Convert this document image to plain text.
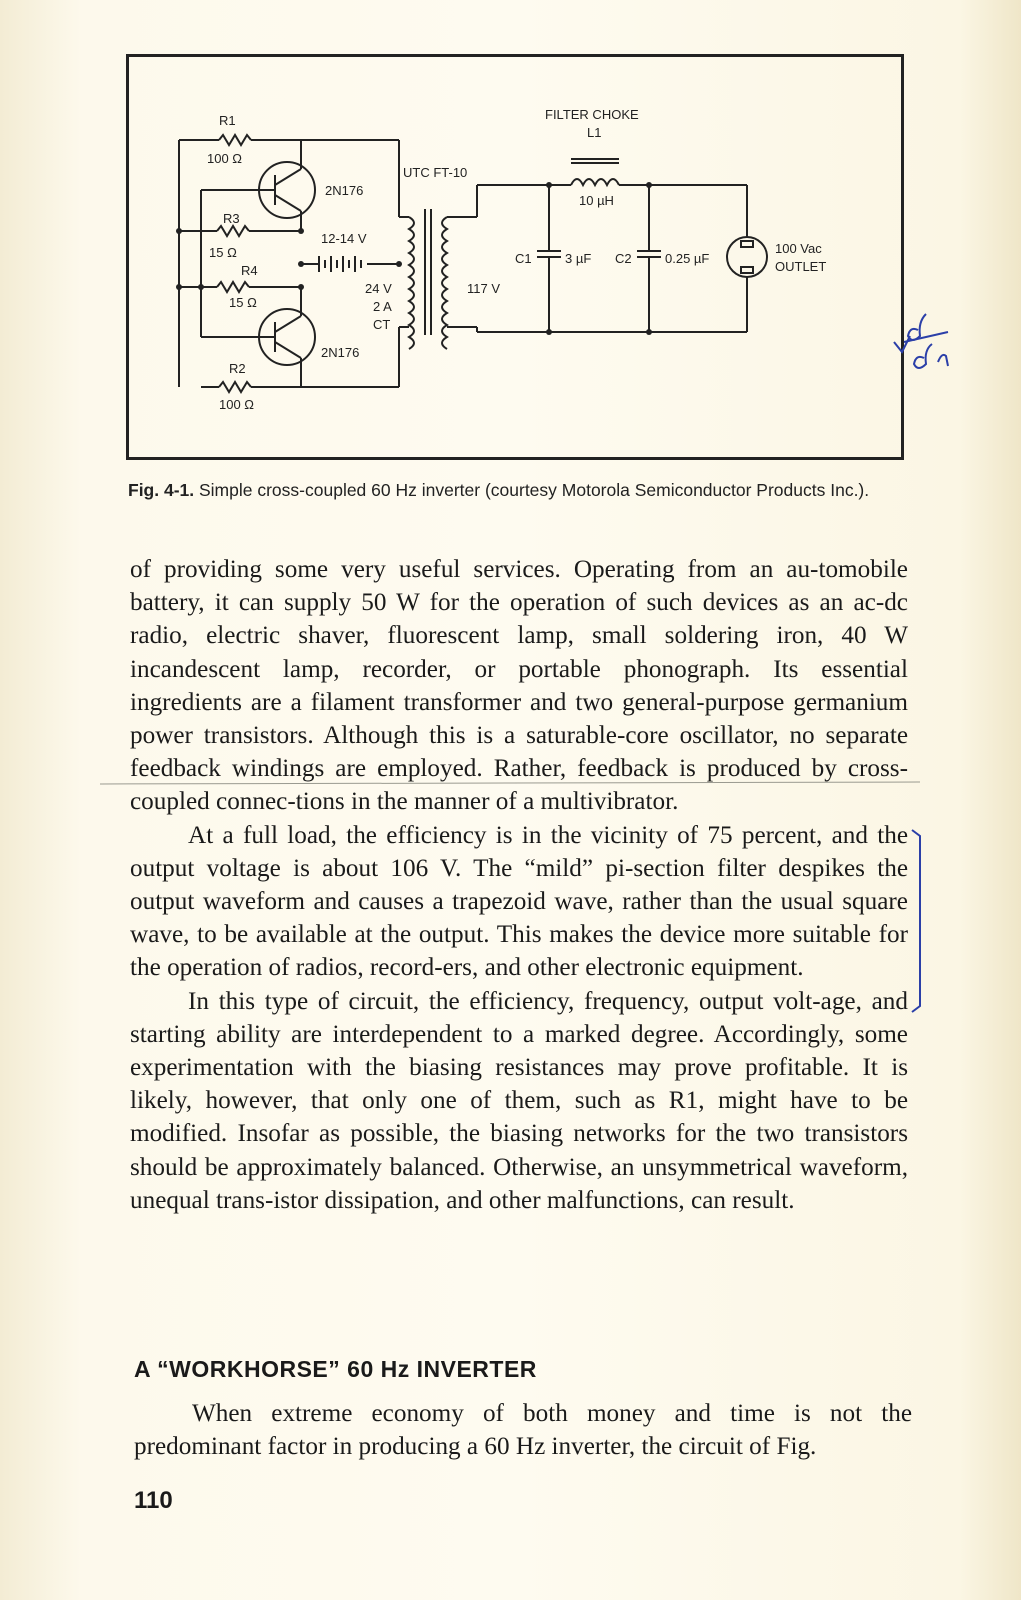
R1
100 Ω
R3
15 Ω
R4
15 Ω
R2
100 Ω
2N176
2N176
12-14 V
UTC FT-10
24 V
2 A
CT
117 V
FILTER CHOKE
L1
10 µH
C1	3 µF C2	0.25 µF
100 Vac
OUTLET
Fig. 4-1. Simple cross-coupled 60 Hz inverter (courtesy Motorola Semiconductor Products Inc.).

of providing some very useful services. Operating from an au-tomobile battery, it can supply 50 W for the operation of such devices as an ac-dc radio, electric shaver, fluorescent lamp, small soldering iron, 40 W incandescent lamp, recorder, or portable phonograph. Its essential ingredients are a filament transformer and two general-purpose germanium power transistors. Although this is a saturable-core oscillator, no separate feedback windings are employed. Rather, feedback is produced by cross-coupled connec-tions in the manner of a multivibrator.

At a full load, the efficiency is in the vicinity of 75 percent, and the output voltage is about 106 V. The “mild” pi-section filter despikes the output waveform and causes a trapezoid wave, rather than the usual square wave, to be available at the output. This makes the device more suitable for the operation of radios, record-ers, and other electronic equipment.

In this type of circuit, the efficiency, frequency, output volt-age, and starting ability are interdependent to a marked degree. Accordingly, some experimentation with the biasing resistances may prove profitable. It is likely, however, that only one of them, such as R1, might have to be modified. Insofar as possible, the biasing networks for the two transistors should be approximately balanced. Otherwise, an unsymmetrical waveform, unequal trans-istor dissipation, and other malfunctions, can result.

A “WORKHORSE” 60 Hz INVERTER

When extreme economy of both money and time is not the predominant factor in producing a 60 Hz inverter, the circuit of Fig.

110
